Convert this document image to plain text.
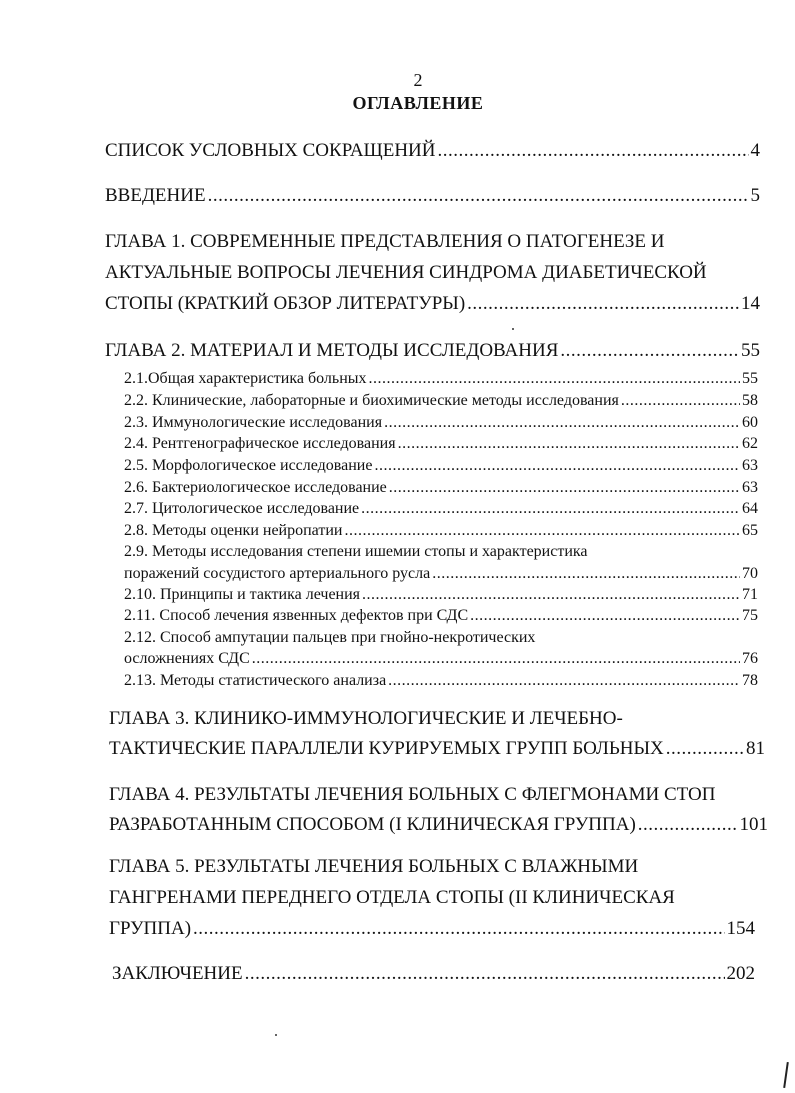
2
ОГЛАВЛЕНИЕ
СПИСОК УСЛОВНЫХ СОКРАЩЕНИЙ .....	4
ВВЕДЕНИЕ .....	5
ГЛАВА 1. СОВРЕМЕННЫЕ ПРЕДСТАВЛЕНИЯ О ПАТОГЕНЕЗЕ И
АКТУАЛЬНЫЕ ВОПРОСЫ ЛЕЧЕНИЯ СИНДРОМА ДИАБЕТИЧЕСКОЙ
СТОПЫ (КРАТКИЙ ОБЗОР ЛИТЕРАТУРЫ) .....	14
ГЛАВА 2. МАТЕРИАЛ И МЕТОДЫ ИССЛЕДОВАНИЯ .....	55
2.1.Общая характеристика больных .....	55
2.2. Клинические, лабораторные и биохимические методы исследования .....	58
2.3. Иммунологические исследования .....	60
2.4. Рентгенографическое исследования .....	62
2.5. Морфологическое исследование .....	63
2.6. Бактериологическое исследование .....	63
2.7. Цитологическое исследование .....	64
2.8. Методы оценки нейропатии .....	65
2.9. Методы исследования степени ишемии стопы и характеристика
поражений сосудистого артериального русла .....	70
2.10. Принципы и тактика лечения .....	71
2.11. Способ лечения язвенных дефектов при СДС .....	75
2.12. Способ ампутации пальцев при гнойно-некротических
осложнениях СДС .....	76
2.13. Методы статистического анализа .....	78
ГЛАВА 3. КЛИНИКО-ИММУНОЛОГИЧЕСКИЕ И ЛЕЧЕБНО-
ТАКТИЧЕСКИЕ ПАРАЛЛЕЛИ КУРИРУЕМЫХ ГРУПП БОЛЬНЫХ .....	81
ГЛАВА 4. РЕЗУЛЬТАТЫ ЛЕЧЕНИЯ БОЛЬНЫХ С ФЛЕГМОНАМИ СТОП
РАЗРАБОТАННЫМ СПОСОБОМ (I КЛИНИЧЕСКАЯ ГРУППА) .....	101
ГЛАВА 5. РЕЗУЛЬТАТЫ ЛЕЧЕНИЯ БОЛЬНЫХ С ВЛАЖНЫМИ
ГАНГРЕНАМИ ПЕРЕДНЕГО ОТДЕЛА СТОПЫ (II КЛИНИЧЕСКАЯ
ГРУППА) .....	154
ЗАКЛЮЧЕНИЕ .....	202
